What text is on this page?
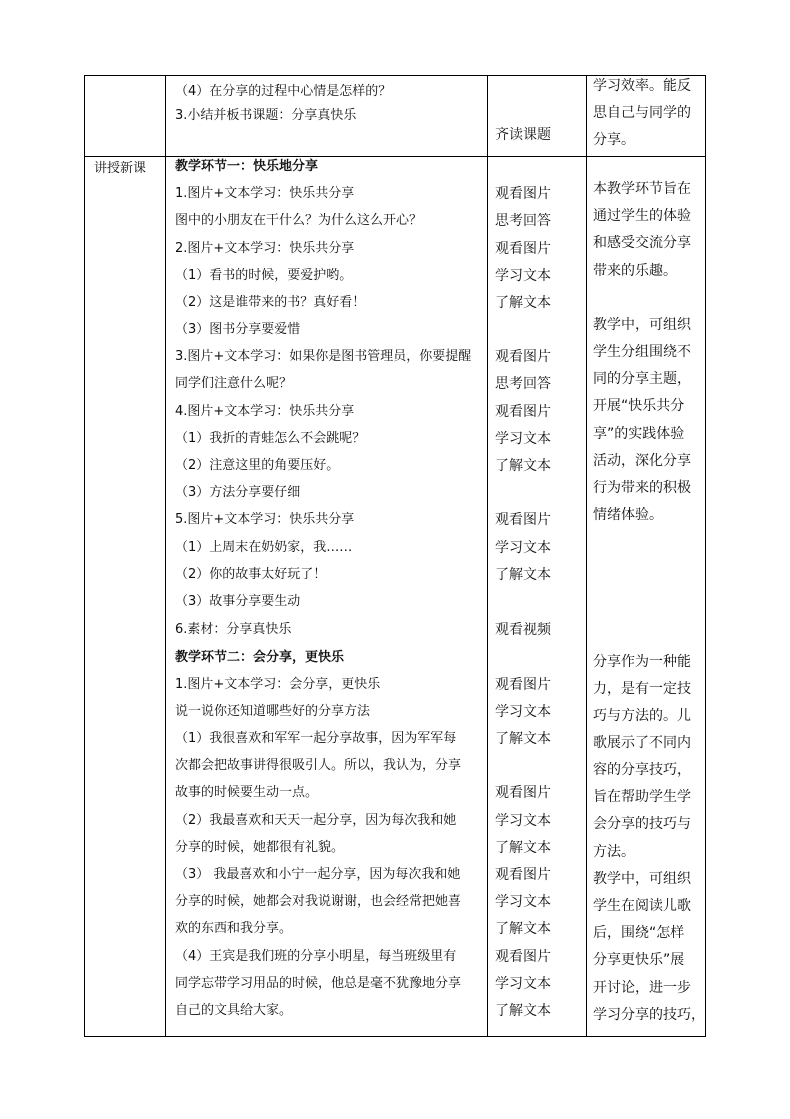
（4）在分享的过程中心情是怎样的？
3.小结并板书课题：分享真快乐
齐读课题
学习效率。能反
思自己与同学的
分享。
讲授新课 教学环节一：快乐地分享
1.图片+文本学习：快乐共分享
图中的小朋友在干什么？为什么这么开心？
2.图片+文本学习：快乐共分享
（1）看书的时候，要爱护哟。
（2）这是谁带来的书？真好看！
（3）图书分享要爱惜
3.图片+文本学习：如果你是图书管理员，你要提醒
同学们注意什么呢？
4.图片+文本学习：快乐共分享
（1）我折的青蛙怎么不会跳呢？
（2）注意这里的角要压好。
（3）方法分享要仔细
5.图片+文本学习：快乐共分享
（1）上周末在奶奶家，我……
（2）你的故事太好玩了！
（3）故事分享要生动
6.素材：分享真快乐
教学环节二：会分享，更快乐
1.图片+文本学习：会分享，更快乐
说一说你还知道哪些好的分享方法
（1）我很喜欢和军军一起分享故事，因为军军每
次都会把故事讲得很吸引人。所以，我认为，分享
故事的时候要生动一点。
（2）我最喜欢和天天一起分享，因为每次我和她
分享的时候，她都很有礼貌。
（3） 我最喜欢和小宁一起分享，因为每次我和她
分享的时候，她都会对我说谢谢，也会经常把她喜
欢的东西和我分享。
（4）王宾是我们班的分享小明星，每当班级里有
同学忘带学习用品的时候，他总是毫不犹豫地分享
自己的文具给大家。
观看图片
思考回答
观看图片
学习文本
了解文本
观看图片
思考回答
观看图片
学习文本
了解文本
观看图片
学习文本
了解文本
观看视频
观看图片
学习文本
了解文本
观看图片
学习文本
了解文本
观看图片
学习文本
了解文本
观看图片
学习文本
了解文本
本教学环节旨在
通过学生的体验
和感受交流分享
带来的乐趣。
教学中，可组织
学生分组围绕不
同的分享主题，
开展“快乐共分
享”的实践体验
活动，深化分享
行为带来的积极
情绪体验。
分享作为一种能
力，是有一定技
巧与方法的。儿
歌展示了不同内
容的分享技巧，
旨在帮助学生学
会分享的技巧与
方法。
教学中，可组织
学生在阅读儿歌
后，围绕“怎样
分享更快乐”展
开讨论，进一步
学习分享的技巧，
